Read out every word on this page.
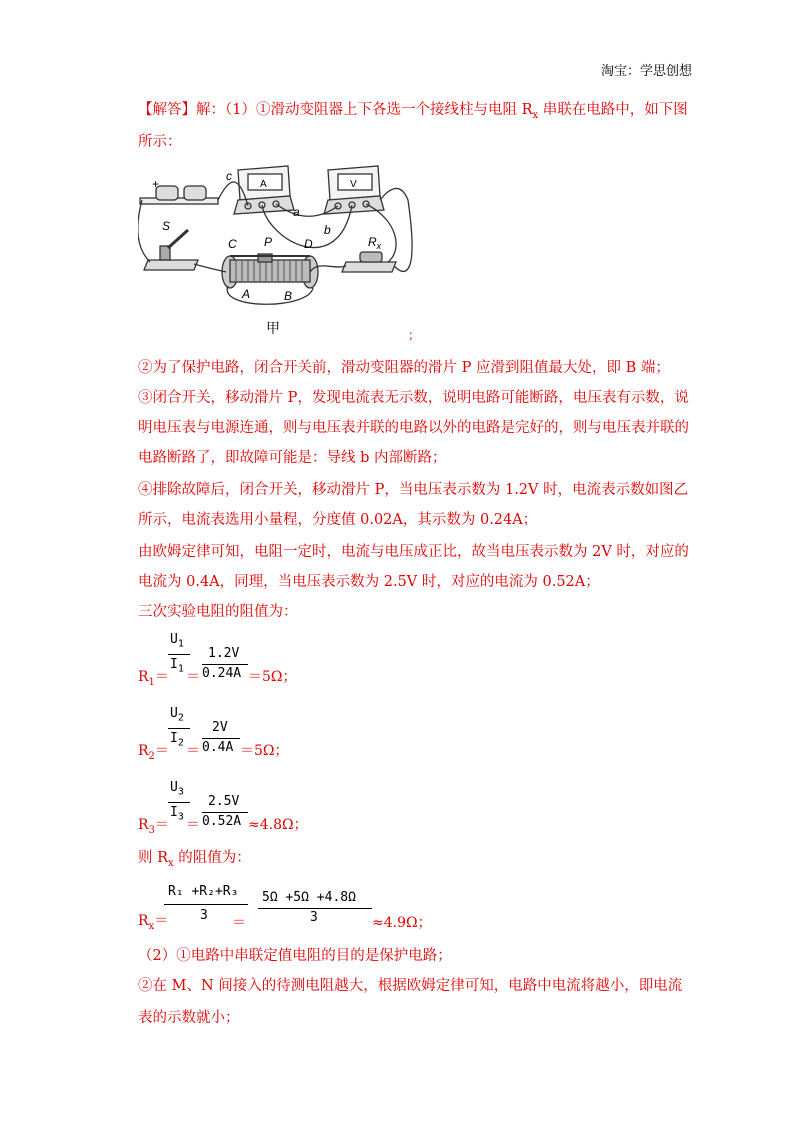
淘宝：学思创想
【解答】解：（1）①滑动变阻器上下各选一个接线柱与电阻 $R_x$ 串联在电路中，如下图
所示：
+
c
a
b
S
C P	D
A	B
$R_x$
A	V
甲	；
②为了保护电路，闭合开关前，滑动变阻器的滑片 P 应滑到阻值最大处，即 B 端；
③闭合开关，移动滑片 P，发现电流表无示数，说明电路可能断路，电压表有示数，说
明电压表与电源连通，则与电压表并联的电路以外的电路是完好的，则与电压表并联的
电路断路了，即故障可能是：导线 b 内部断路；
④排除故障后，闭合开关，移动滑片 P，当电压表示数为 1.2V 时，电流表示数如图乙
所示，电流表选用小量程，分度值 0.02A，其示数为 0.24A；
由欧姆定律可知，电阻一定时，电流与电压成正比，故当电压表示数为 2V 时，对应的
电流为 0.4A，同理，当电压表示数为 2.5V 时，对应的电流为 0.52A；
三次实验电阻的阻值为：
$U_1$
$I_1$
1.2V
0.24A
$R_1=$ ＝	＝5Ω；
$U_2$
$I_2$
2V
0.4A
$R_2=$ ＝	＝5Ω；
$U_3$
$I_3$
2.5V
0.52A
$R_3=$ ＝	≈4.8Ω；
则 $R_x$ 的阻值为：
R₁ +R₂+R₃
3
5Ω +5Ω +4.8Ω
3
$R_x=$	＝	≈4.9Ω；
（2）①电路中串联定值电阻的目的是保护电路；
②在 M、N 间接入的待测电阻越大，根据欧姆定律可知，电路中电流将越小，即电流
表的示数就小；
